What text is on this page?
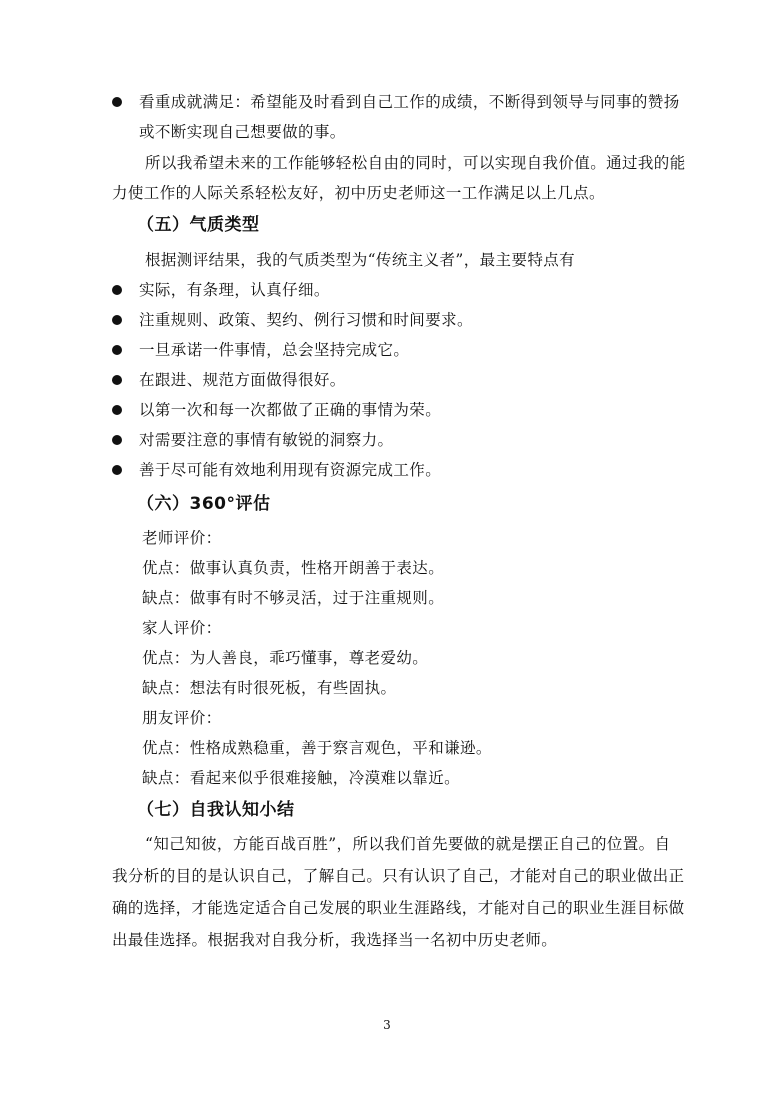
看重成就满足：希望能及时看到自己工作的成绩，不断得到领导与同事的赞扬
或不断实现自己想要做的事。
所以我希望未来的工作能够轻松自由的同时，可以实现自我价值。通过我的能
力使工作的人际关系轻松友好，初中历史老师这一工作满足以上几点。
（五）气质类型
根据测评结果，我的气质类型为“传统主义者”，最主要特点有
实际，有条理，认真仔细。
注重规则、政策、契约、例行习惯和时间要求。
一旦承诺一件事情，总会坚持完成它。
在跟进、规范方面做得很好。
以第一次和每一次都做了正确的事情为荣。
对需要注意的事情有敏锐的洞察力。
善于尽可能有效地利用现有资源完成工作。
（六）360°评估
老师评价：
优点：做事认真负责，性格开朗善于表达。
缺点：做事有时不够灵活，过于注重规则。
家人评价：
优点：为人善良，乖巧懂事，尊老爱幼。
缺点：想法有时很死板，有些固执。
朋友评价：
优点：性格成熟稳重，善于察言观色，平和谦逊。
缺点：看起来似乎很难接触，冷漠难以靠近。
（七）自我认知小结
“知己知彼，方能百战百胜”，所以我们首先要做的就是摆正自己的位置。自
我分析的目的是认识自己，了解自己。只有认识了自己，才能对自己的职业做出正
确的选择，才能选定适合自己发展的职业生涯路线，才能对自己的职业生涯目标做
出最佳选择。根据我对自我分析，我选择当一名初中历史老师。
3
